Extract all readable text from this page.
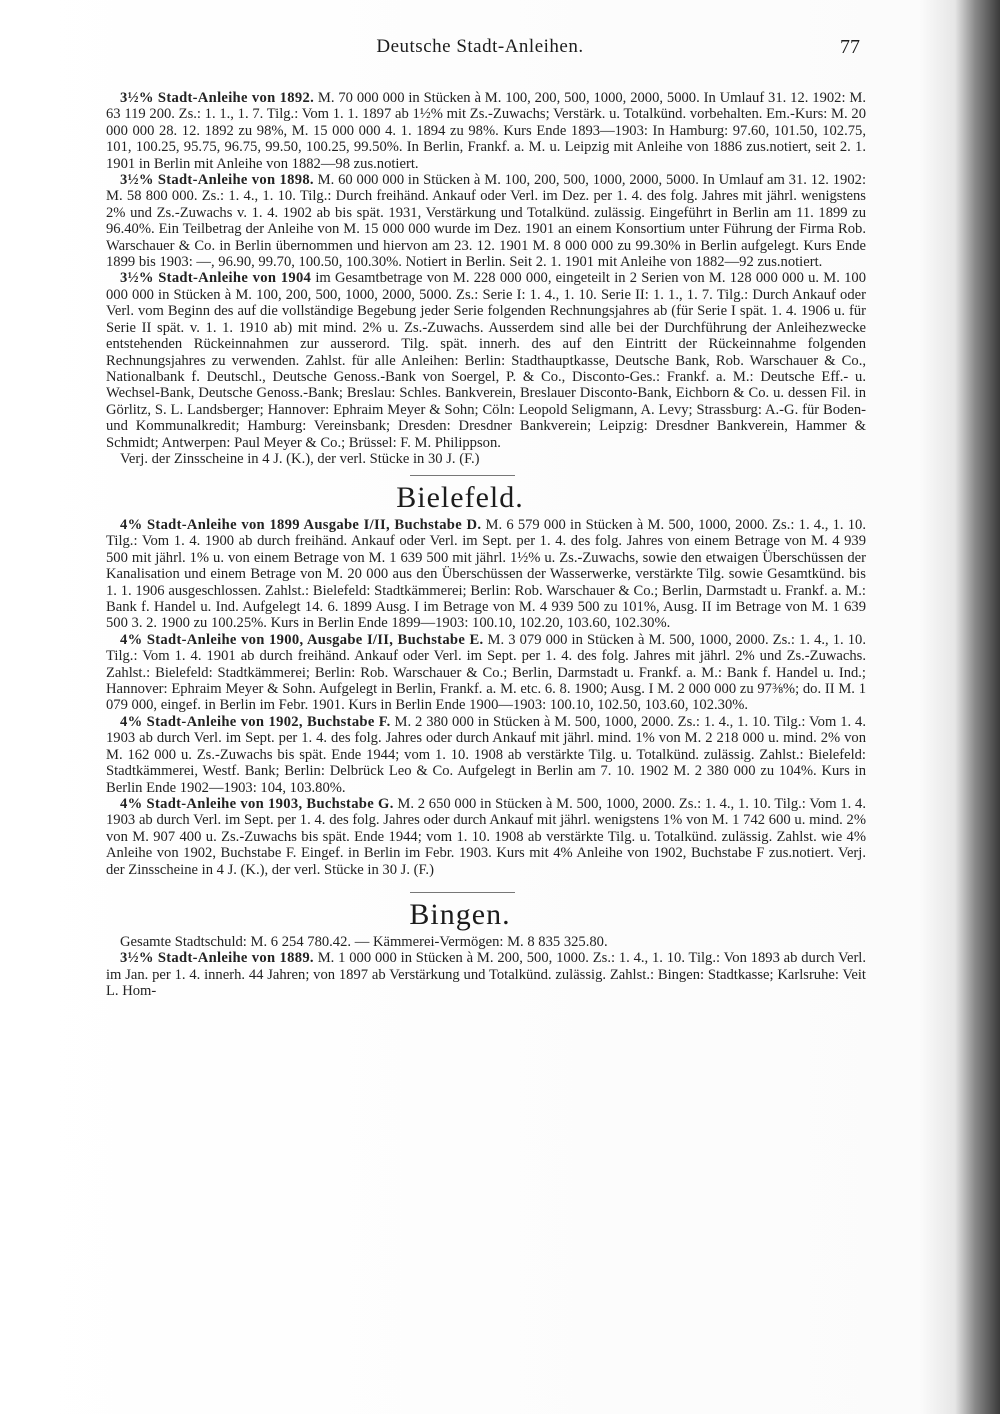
Deutsche Stadt-Anleihen.	77

3½% Stadt-Anleihe von 1892. M. 70 000 000 in Stücken à M. 100, 200, 500, 1000, 2000, 5000. In Umlauf 31. 12. 1902: M. 63 119 200. Zs.: 1. 1., 1. 7. Tilg.: Vom 1. 1. 1897 ab 1½% mit Zs.-Zuwachs; Verstärk. u. Totalkünd. vorbehalten. Em.-Kurs: M. 20 000 000 28. 12. 1892 zu 98%, M. 15 000 000 4. 1. 1894 zu 98%. Kurs Ende 1893—1903: In Hamburg: 97.60, 101.50, 102.75, 101, 100.25, 95.75, 96.75, 99.50, 100.25, 99.50%. In Berlin, Frankf. a. M. u. Leipzig mit Anleihe von 1886 zus.notiert, seit 2. 1. 1901 in Berlin mit Anleihe von 1882—98 zus.notiert.

3½% Stadt-Anleihe von 1898. M. 60 000 000 in Stücken à M. 100, 200, 500, 1000, 2000, 5000. In Umlauf am 31. 12. 1902: M. 58 800 000. Zs.: 1. 4., 1. 10. Tilg.: Durch freihänd. Ankauf oder Verl. im Dez. per 1. 4. des folg. Jahres mit jährl. wenigstens 2% und Zs.-Zuwachs v. 1. 4. 1902 ab bis spät. 1931, Verstärkung und Totalkünd. zulässig. Eingeführt in Berlin am 11. 1899 zu 96.40%. Ein Teilbetrag der Anleihe von M. 15 000 000 wurde im Dez. 1901 an einem Konsortium unter Führung der Firma Rob. Warschauer & Co. in Berlin übernommen und hiervon am 23. 12. 1901 M. 8 000 000 zu 99.30% in Berlin aufgelegt. Kurs Ende 1899 bis 1903: —, 96.90, 99.70, 100.50, 100.30%. Notiert in Berlin. Seit 2. 1. 1901 mit Anleihe von 1882—92 zus.notiert.

3½% Stadt-Anleihe von 1904 im Gesamtbetrage von M. 228 000 000, eingeteilt in 2 Serien von M. 128 000 000 u. M. 100 000 000 in Stücken à M. 100, 200, 500, 1000, 2000, 5000. Zs.: Serie I: 1. 4., 1. 10. Serie II: 1. 1., 1. 7. Tilg.: Durch Ankauf oder Verl. vom Beginn des auf die vollständige Begebung jeder Serie folgenden Rechnungsjahres ab (für Serie I spät. 1. 4. 1906 u. für Serie II spät. v. 1. 1. 1910 ab) mit mind. 2% u. Zs.-Zuwachs. Ausserdem sind alle bei der Durchführung der Anleihezwecke entstehenden Rückeinnahmen zur ausserord. Tilg. spät. innerh. des auf den Eintritt der Rückeinnahme folgenden Rechnungsjahres zu verwenden. Zahlst. für alle Anleihen: Berlin: Stadthauptkasse, Deutsche Bank, Rob. Warschauer & Co., Nationalbank f. Deutschl., Deutsche Genoss.-Bank von Soergel, P. & Co., Disconto-Ges.: Frankf. a. M.: Deutsche Eff.- u. Wechsel-Bank, Deutsche Genoss.-Bank; Breslau: Schles. Bankverein, Breslauer Disconto-Bank, Eichborn & Co. u. dessen Fil. in Görlitz, S. L. Landsberger; Hannover: Ephraim Meyer & Sohn; Cöln: Leopold Seligmann, A. Levy; Strassburg: A.-G. für Boden- und Kommunalkredit; Hamburg: Vereinsbank; Dresden: Dresdner Bankverein; Leipzig: Dresdner Bankverein, Hammer & Schmidt; Antwerpen: Paul Meyer & Co.; Brüssel: F. M. Philippson.

Verj. der Zinsscheine in 4 J. (K.), der verl. Stücke in 30 J. (F.)

Bielefeld.

4% Stadt-Anleihe von 1899 Ausgabe I/II, Buchstabe D. M. 6 579 000 in Stücken à M. 500, 1000, 2000. Zs.: 1. 4., 1. 10. Tilg.: Vom 1. 4. 1900 ab durch freihänd. Ankauf oder Verl. im Sept. per 1. 4. des folg. Jahres von einem Betrage von M. 4 939 500 mit jährl. 1% u. von einem Betrage von M. 1 639 500 mit jährl. 1½% u. Zs.-Zuwachs, sowie den etwaigen Überschüssen der Kanalisation und einem Betrage von M. 20 000 aus den Überschüssen der Wasserwerke, verstärkte Tilg. sowie Gesamtkünd. bis 1. 1. 1906 ausgeschlossen. Zahlst.: Bielefeld: Stadtkämmerei; Berlin: Rob. Warschauer & Co.; Berlin, Darmstadt u. Frankf. a. M.: Bank f. Handel u. Ind. Aufgelegt 14. 6. 1899 Ausg. I im Betrage von M. 4 939 500 zu 101%, Ausg. II im Betrage von M. 1 639 500 3. 2. 1900 zu 100.25%. Kurs in Berlin Ende 1899—1903: 100.10, 102.20, 103.60, 102.30%.

4% Stadt-Anleihe von 1900, Ausgabe I/II, Buchstabe E. M. 3 079 000 in Stücken à M. 500, 1000, 2000. Zs.: 1. 4., 1. 10. Tilg.: Vom 1. 4. 1901 ab durch freihänd. Ankauf oder Verl. im Sept. per 1. 4. des folg. Jahres mit jährl. 2% und Zs.-Zuwachs. Zahlst.: Bielefeld: Stadtkämmerei; Berlin: Rob. Warschauer & Co.; Berlin, Darmstadt u. Frankf. a. M.: Bank f. Handel u. Ind.; Hannover: Ephraim Meyer & Sohn. Aufgelegt in Berlin, Frankf. a. M. etc. 6. 8. 1900; Ausg. I M. 2 000 000 zu 97⅜%; do. II M. 1 079 000, eingef. in Berlin im Febr. 1901. Kurs in Berlin Ende 1900—1903: 100.10, 102.50, 103.60, 102.30%.

4% Stadt-Anleihe von 1902, Buchstabe F. M. 2 380 000 in Stücken à M. 500, 1000, 2000. Zs.: 1. 4., 1. 10. Tilg.: Vom 1. 4. 1903 ab durch Verl. im Sept. per 1. 4. des folg. Jahres oder durch Ankauf mit jährl. mind. 1% von M. 2 218 000 u. mind. 2% von M. 162 000 u. Zs.-Zuwachs bis spät. Ende 1944; vom 1. 10. 1908 ab verstärkte Tilg. u. Totalkünd. zulässig. Zahlst.: Bielefeld: Stadtkämmerei, Westf. Bank; Berlin: Delbrück Leo & Co. Aufgelegt in Berlin am 7. 10. 1902 M. 2 380 000 zu 104%. Kurs in Berlin Ende 1902—1903: 104, 103.80%.

4% Stadt-Anleihe von 1903, Buchstabe G. M. 2 650 000 in Stücken à M. 500, 1000, 2000. Zs.: 1. 4., 1. 10. Tilg.: Vom 1. 4. 1903 ab durch Verl. im Sept. per 1. 4. des folg. Jahres oder durch Ankauf mit jährl. wenigstens 1% von M. 1 742 600 u. mind. 2% von M. 907 400 u. Zs.-Zuwachs bis spät. Ende 1944; vom 1. 10. 1908 ab verstärkte Tilg. u. Totalkünd. zulässig. Zahlst. wie 4% Anleihe von 1902, Buchstabe F. Eingef. in Berlin im Febr. 1903. Kurs mit 4% Anleihe von 1902, Buchstabe F zus.notiert. Verj. der Zinsscheine in 4 J. (K.), der verl. Stücke in 30 J. (F.)

Bingen.

Gesamte Stadtschuld: M. 6 254 780.42. — Kämmerei-Vermögen: M. 8 835 325.80.

3½% Stadt-Anleihe von 1889. M. 1 000 000 in Stücken à M. 200, 500, 1000. Zs.: 1. 4., 1. 10. Tilg.: Von 1893 ab durch Verl. im Jan. per 1. 4. innerh. 44 Jahren; von 1897 ab Verstärkung und Totalkünd. zulässig. Zahlst.: Bingen: Stadtkasse; Karlsruhe: Veit L. Hom-
